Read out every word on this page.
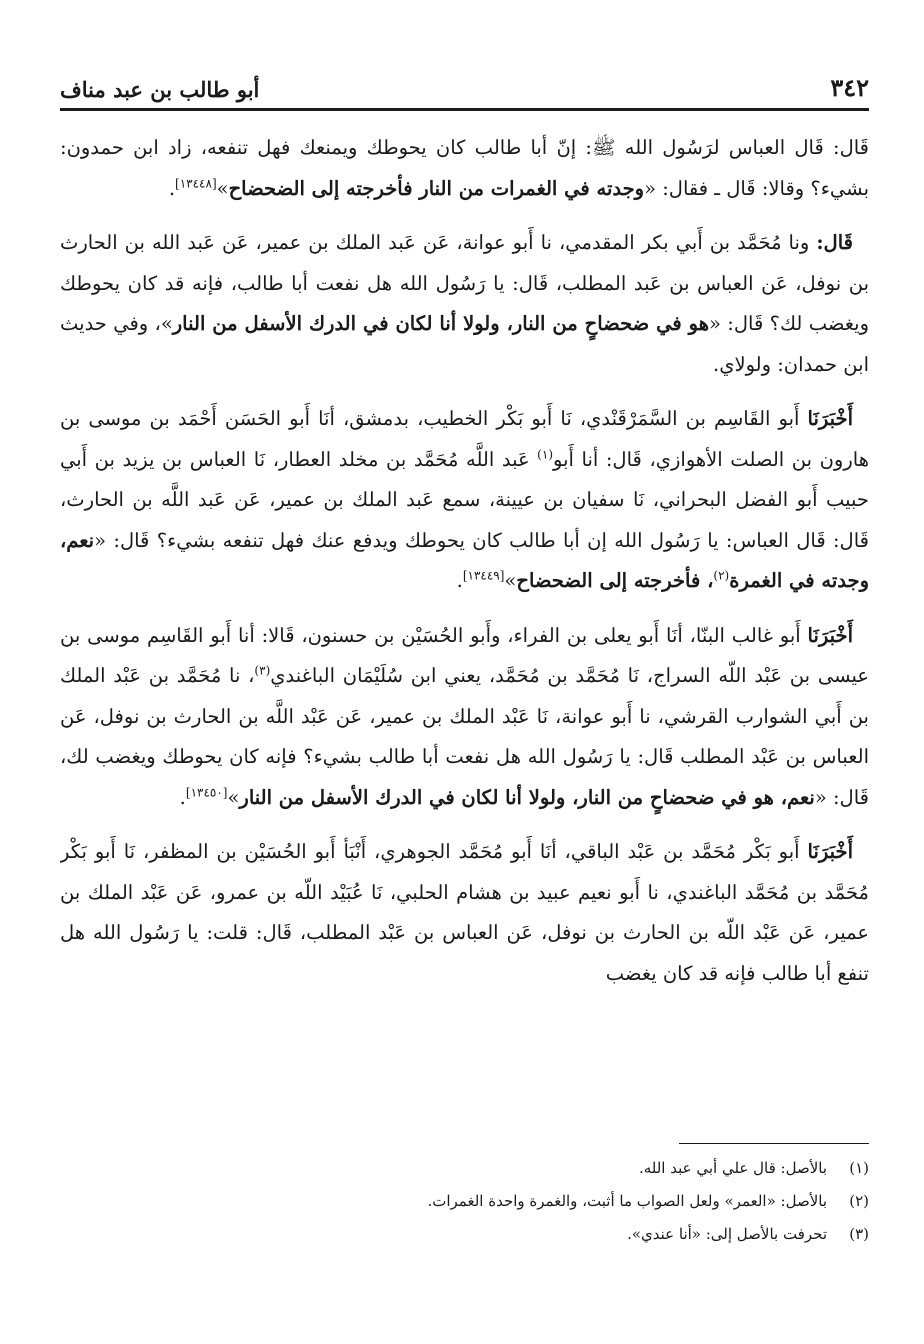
٣٤٢
أبو طالب بن عبد مناف

قَال: قَال العباس لرَسُول الله ﷺ: إنّ أبا طالب كان يحوطك ويمنعك فهل تنفعه، زاد ابن حمدون: بشيء؟ وقالا: قَال ـ فقال: «وجدته في الغمرات من النار فأخرجته إلى الضحضاح»[١٣٤٤٨].

قَال: ونا مُحَمَّد بن أَبي بكر المقدمي، نا أَبو عوانة، عَن عَبد الملك بن عمير، عَن عَبد الله بن الحارث بن نوفل، عَن العباس بن عَبد المطلب، قَال: يا رَسُول الله هل نفعت أبا طالب، فإنه قد كان يحوطك ويغضب لك؟ قَال: «هو في ضحضاحٍ من النار، ولولا أنا لكان في الدرك الأسفل من النار»، وفي حديث ابن حمدان: ولولاي.

أَخْبَرَنَا أَبو القَاسِم بن السَّمَرْقَنْدي، نَا أَبو بَكْر الخطيب، بدمشق، أنَا أَبو الحَسَن أَحْمَد بن موسى بن هارون بن الصلت الأهوازي، قَال: أنا أَبو$^{(١)}$ عَبد اللَّه مُحَمَّد بن مخلد العطار، نَا العباس بن يزيد بن أَبي حبيب أَبو الفضل البحراني، نَا سفيان بن عيينة، سمع عَبد الملك بن عمير، عَن عَبد اللَّه بن الحارث، قَال: قَال العباس: يا رَسُول الله إن أبا طالب كان يحوطك ويدفع عنك فهل تنفعه بشيء؟ قَال: «نعم، وجدته في الغمرة$^{(٢)}$، فأخرجته إلى الضحضاح»[١٣٤٤٩].

أَخْبَرَنَا أَبو غالب البنّا، أنَا أَبو يعلى بن الفراء، وأَبو الحُسَيْن بن حسنون، قَالا: أنا أَبو القَاسِم موسى بن عيسى بن عَبْد اللّه السراج، نَا مُحَمَّد بن مُحَمَّد، يعني ابن سُلَيْمَان الباغندي$^{(٣)}$، نا مُحَمَّد بن عَبْد الملك بن أَبي الشوارب القرشي، نا أَبو عوانة، نَا عَبْد الملك بن عمير، عَن عَبْد اللَّه بن الحارث بن نوفل، عَن العباس بن عَبْد المطلب قَال: يا رَسُول الله هل نفعت أبا طالب بشيء؟ فإنه كان يحوطك ويغضب لك، قَال: «نعم، هو في ضحضاحٍ من النار، ولولا أنا لكان في الدرك الأسفل من النار»[١٣٤٥٠].

أَخْبَرَنَا أَبو بَكْر مُحَمَّد بن عَبْد الباقي، أنَا أَبو مُحَمَّد الجوهري، أَنْبَأ أَبو الحُسَيْن بن المظفر، نَا أَبو بَكْر مُحَمَّد بن مُحَمَّد الباغندي، نا أَبو نعيم عبيد بن هشام الحلبي، نَا عُبَيْد اللّه بن عمرو، عَن عَبْد الملك بن عمير، عَن عَبْد اللّه بن الحارث بن نوفل، عَن العباس بن عَبْد المطلب، قَال: قلت: يا رَسُول الله هل تنفع أبا طالب فإنه قد كان يغضب

(١)
بالأصل: قال علي أبي عبد الله.
(٢)
بالأصل: «العمر» ولعل الصواب ما أثبت، والغمرة واحدة الغمرات.
(٣)
تحرفت بالأصل إلى: «أنا عندي».
